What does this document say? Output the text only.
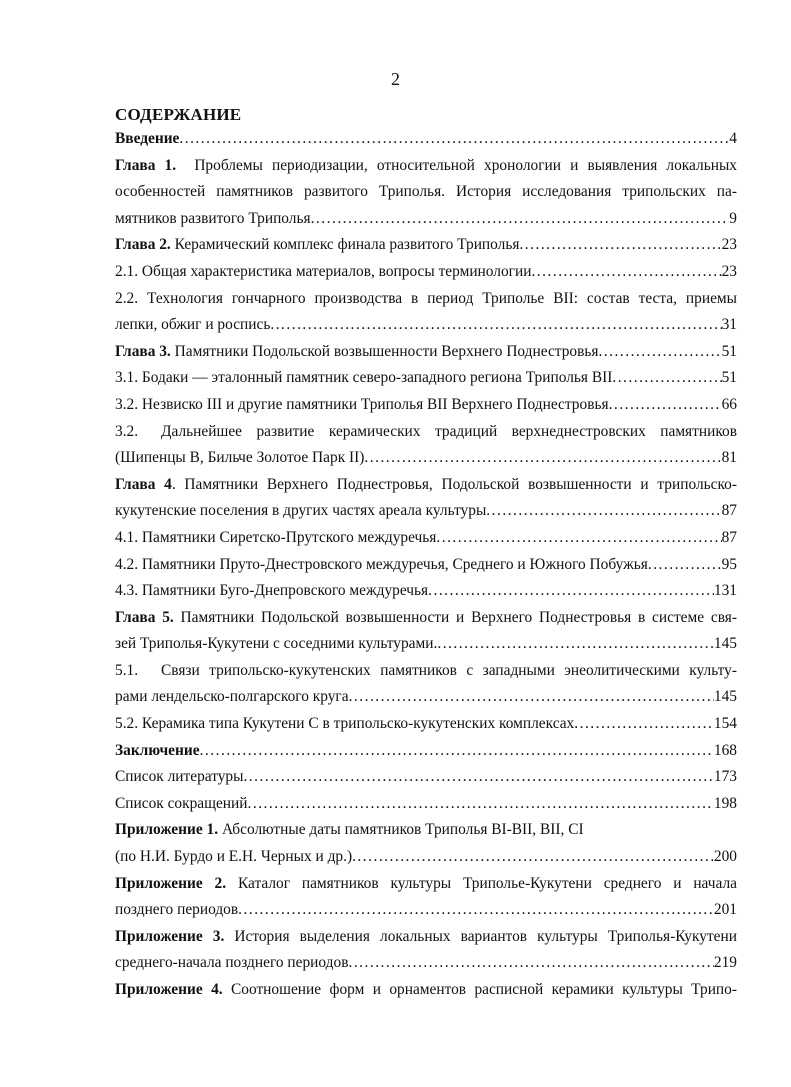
2
СОДЕРЖАНИЕ
Введение .....	4
Глава 1. Проблемы периодизации, относительной хронологии и выявления локальных
особенностей памятников развитого Триполья. История исследования трипольских па-
мятников развитого Триполья .....	9
Глава 2. Керамический комплекс финала развитого Триполья .....	23
2.1. Общая характеристика материалов, вопросы терминологии .....	23
2.2. Технология гончарного производства в период Триполье ВII: состав теста, приемы
лепки, обжиг и роспись .....	31
Глава 3. Памятники Подольской возвышенности Верхнего Поднестровья .....	51
3.1. Бодаки — эталонный памятник северо-западного региона Триполья ВII .....	51
3.2. Незвиско III и другие памятники Триполья ВII Верхнего Поднестровья .....	66
3.2. Дальнейшее развитие керамических традиций верхнеднестровских памятников
(Шипенцы В, Бильче Золотое Парк II) .....	81
Глава 4. Памятники Верхнего Поднестровья, Подольской возвышенности и трипольско-
кукутенские поселения в других частях ареала культуры .....	87
4.1. Памятники Сиретско-Прутского междуречья .....	87
4.2. Памятники Пруто-Днестровского междуречья, Среднего и Южного Побужья .....	95
4.3. Памятники Буго-Днепровского междуречья .....	131
Глава 5. Памятники Подольской возвышенности и Верхнего Поднестровья в системе свя-
зей Триполья-Кукутени с соседними культурами. .....	145
5.1. Связи трипольско-кукутенских памятников с западными энеолитическими культу-
рами лендельско-полгарского круга .....	145
5.2. Керамика типа Кукутени С в трипольско-кукутенских комплексах .....	154
Заключение .....	168
Список литературы .....	173
Список сокращений .....	198
Приложение 1. Абсолютные даты памятников Триполья ВI-ВII, ВII, СI
(по Н.И. Бурдо и Е.Н. Черных и др.) .....	200
Приложение 2. Каталог памятников культуры Триполье-Кукутени среднего и начала
позднего периодов .....	201
Приложение 3. История выделения локальных вариантов культуры Триполья-Кукутени
среднего-начала позднего периодов .....	219
Приложение 4. Соотношение форм и орнаментов расписной керамики культуры Трипо-
